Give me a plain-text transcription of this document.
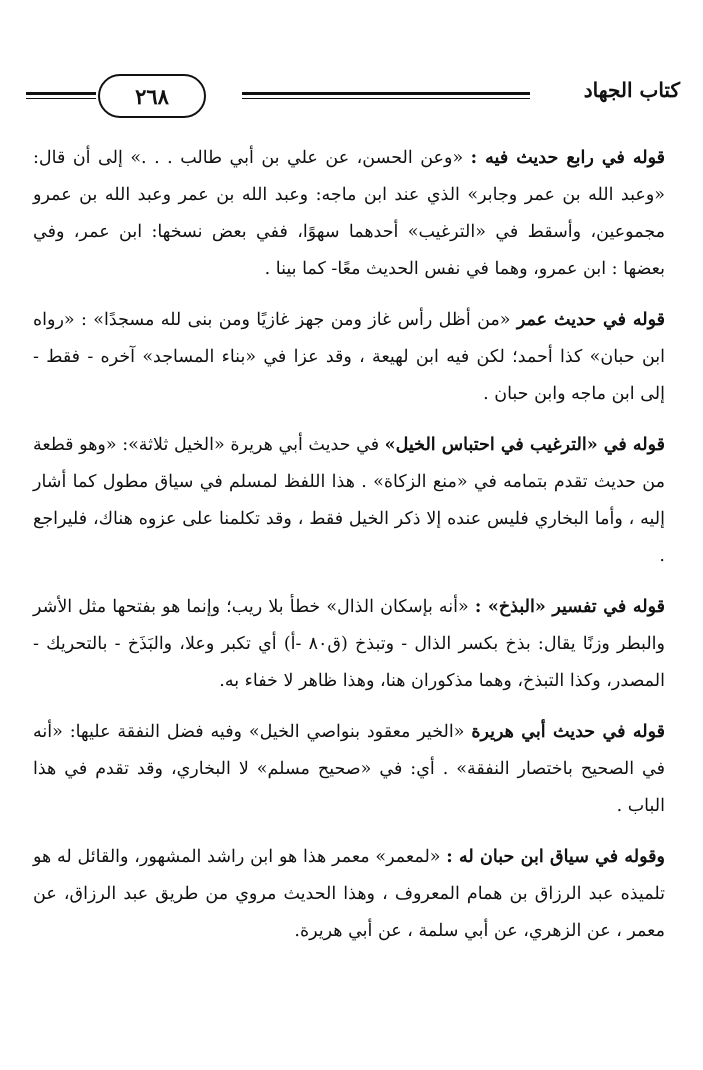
كتاب الجهاد
٢٦٨

قوله في رابع حديث فيه : «وعن الحسن، عن علي بن أبي طالب . . .» إلى أن قال: «وعبد الله بن عمر وجابر» الذي عند ابن ماجه: وعبد الله بن عمر وعبد الله بن عمرو مجموعين، وأسقط في «الترغيب» أحدهما سهوًا، ففي بعض نسخها: ابن عمر، وفي بعضها : ابن عمرو، وهما في نفس الحديث معًا- كما بينا .

قوله في حديث عمر «من أظل رأس غاز ومن جهز غازيًا ومن بنى لله مسجدًا» : «رواه ابن حبان» كذا أحمد؛ لكن فيه ابن لهيعة ، وقد عزا في «بناء المساجد» آخره - فقط - إلى ابن ماجه وابن حبان .

قوله في «الترغيب في احتباس الخيل» في حديث أبي هريرة «الخيل ثلاثة»: «وهو قطعة من حديث تقدم بتمامه في «منع الزكاة» . هذا اللفظ لمسلم في سياق مطول كما أشار إليه ، وأما البخاري فليس عنده إلا ذكر الخيل فقط ، وقد تكلمنا على عزوه هناك، فليراجع .

قوله في تفسير «البذخ» : «أنه بإسكان الذال» خطأ بلا ريب؛ وإنما هو بفتحها مثل الأشر والبطر وزنًا يقال: بذخ بكسر الذال - وتبذخ (ق٨٠ -أ) أي تكبر وعلا، والبَذَخ - بالتحريك - المصدر، وكذا التبذخ، وهما مذكوران هنا، وهذا ظاهر لا خفاء به.

قوله في حديث أبي هريرة «الخير معقود بنواصي الخيل» وفيه فضل النفقة عليها: «أنه في الصحيح باختصار النفقة» . أي: في «صحيح مسلم» لا البخاري، وقد تقدم في هذا الباب .

وقوله في سياق ابن حبان له : «لمعمر» معمر هذا هو ابن راشد المشهور، والقائل له هو تلميذه عبد الرزاق بن همام المعروف ، وهذا الحديث مروي من طريق عبد الرزاق، عن معمر ، عن الزهري، عن أبي سلمة ، عن أبي هريرة.
